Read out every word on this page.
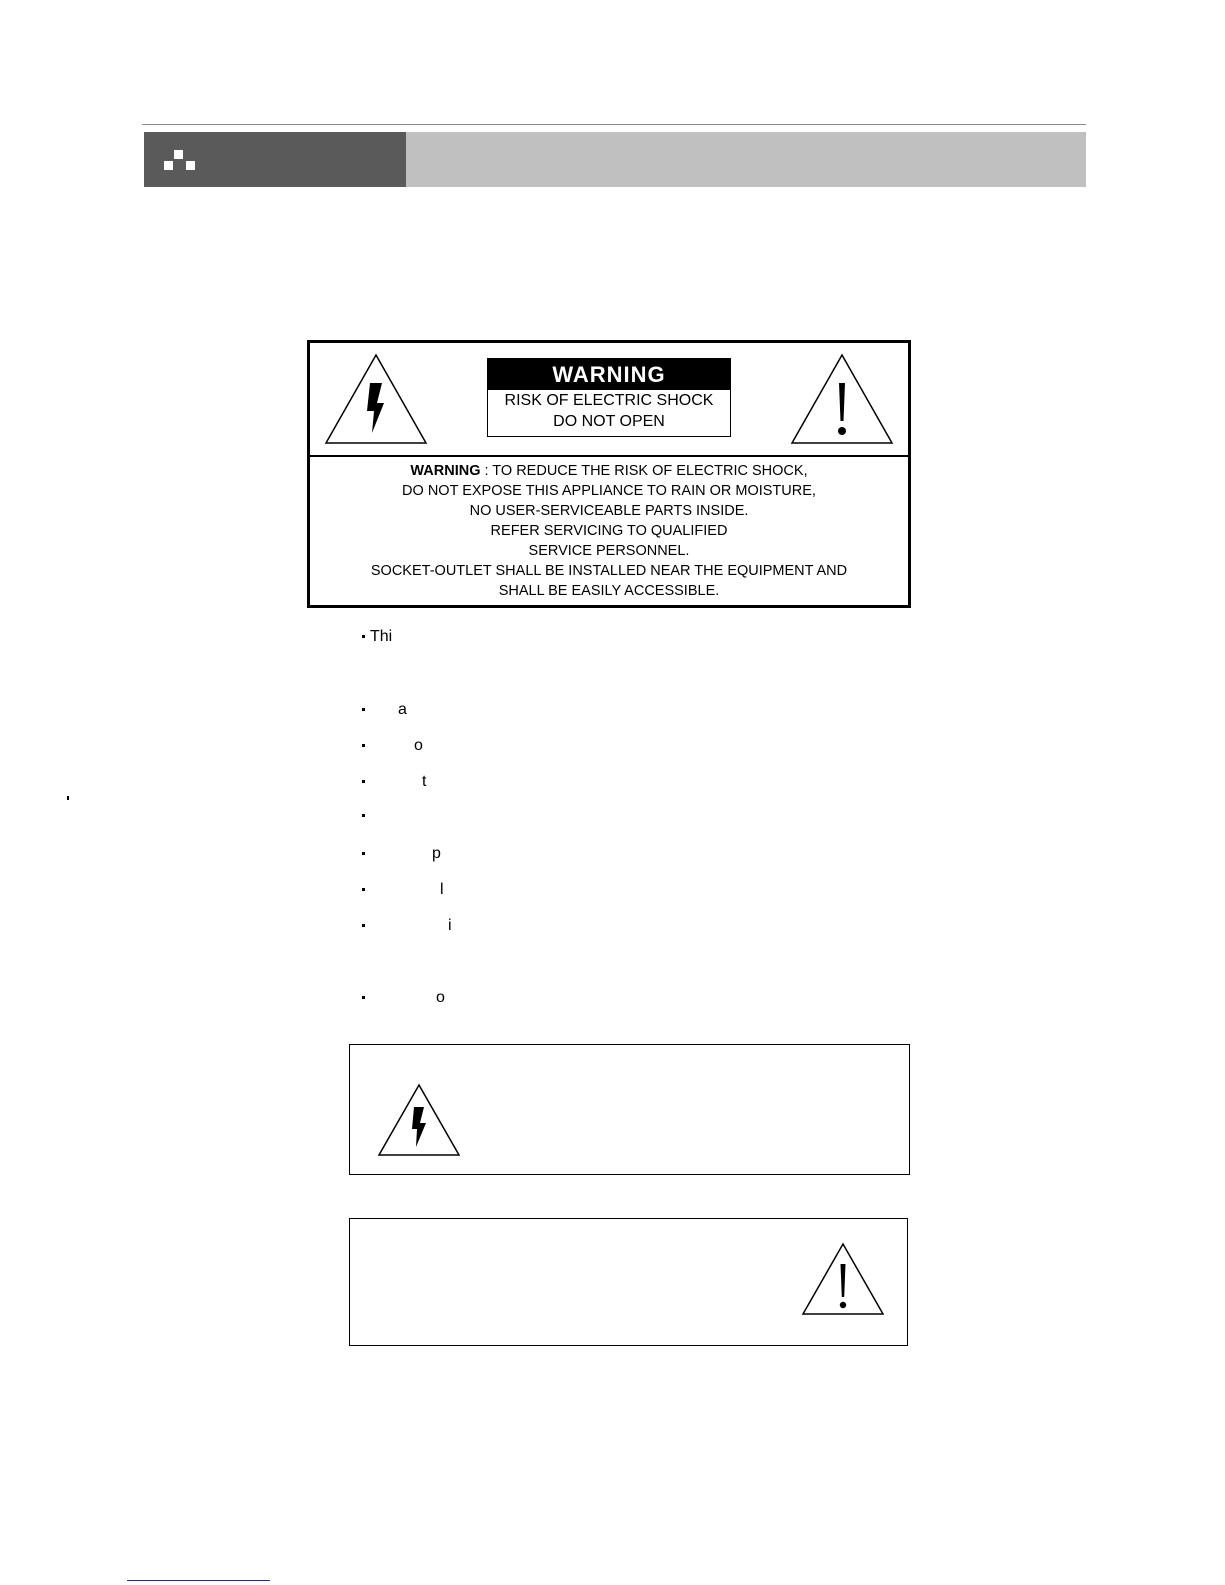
WARNING
RISK OF ELECTRIC SHOCK
DO NOT OPEN
WARNING : TO REDUCE THE RISK OF ELECTRIC SHOCK,
DO NOT EXPOSE THIS APPLIANCE TO RAIN OR MOISTURE,
NO USER-SERVICEABLE PARTS INSIDE.
REFER SERVICING TO QUALIFIED
SERVICE PERSONNEL.
SOCKET-OUTLET SHALL BE INSTALLED NEAR THE EQUIPMENT AND
SHALL BE EASILY ACCESSIBLE.
Thi
a
o
t
p
l
i
o
